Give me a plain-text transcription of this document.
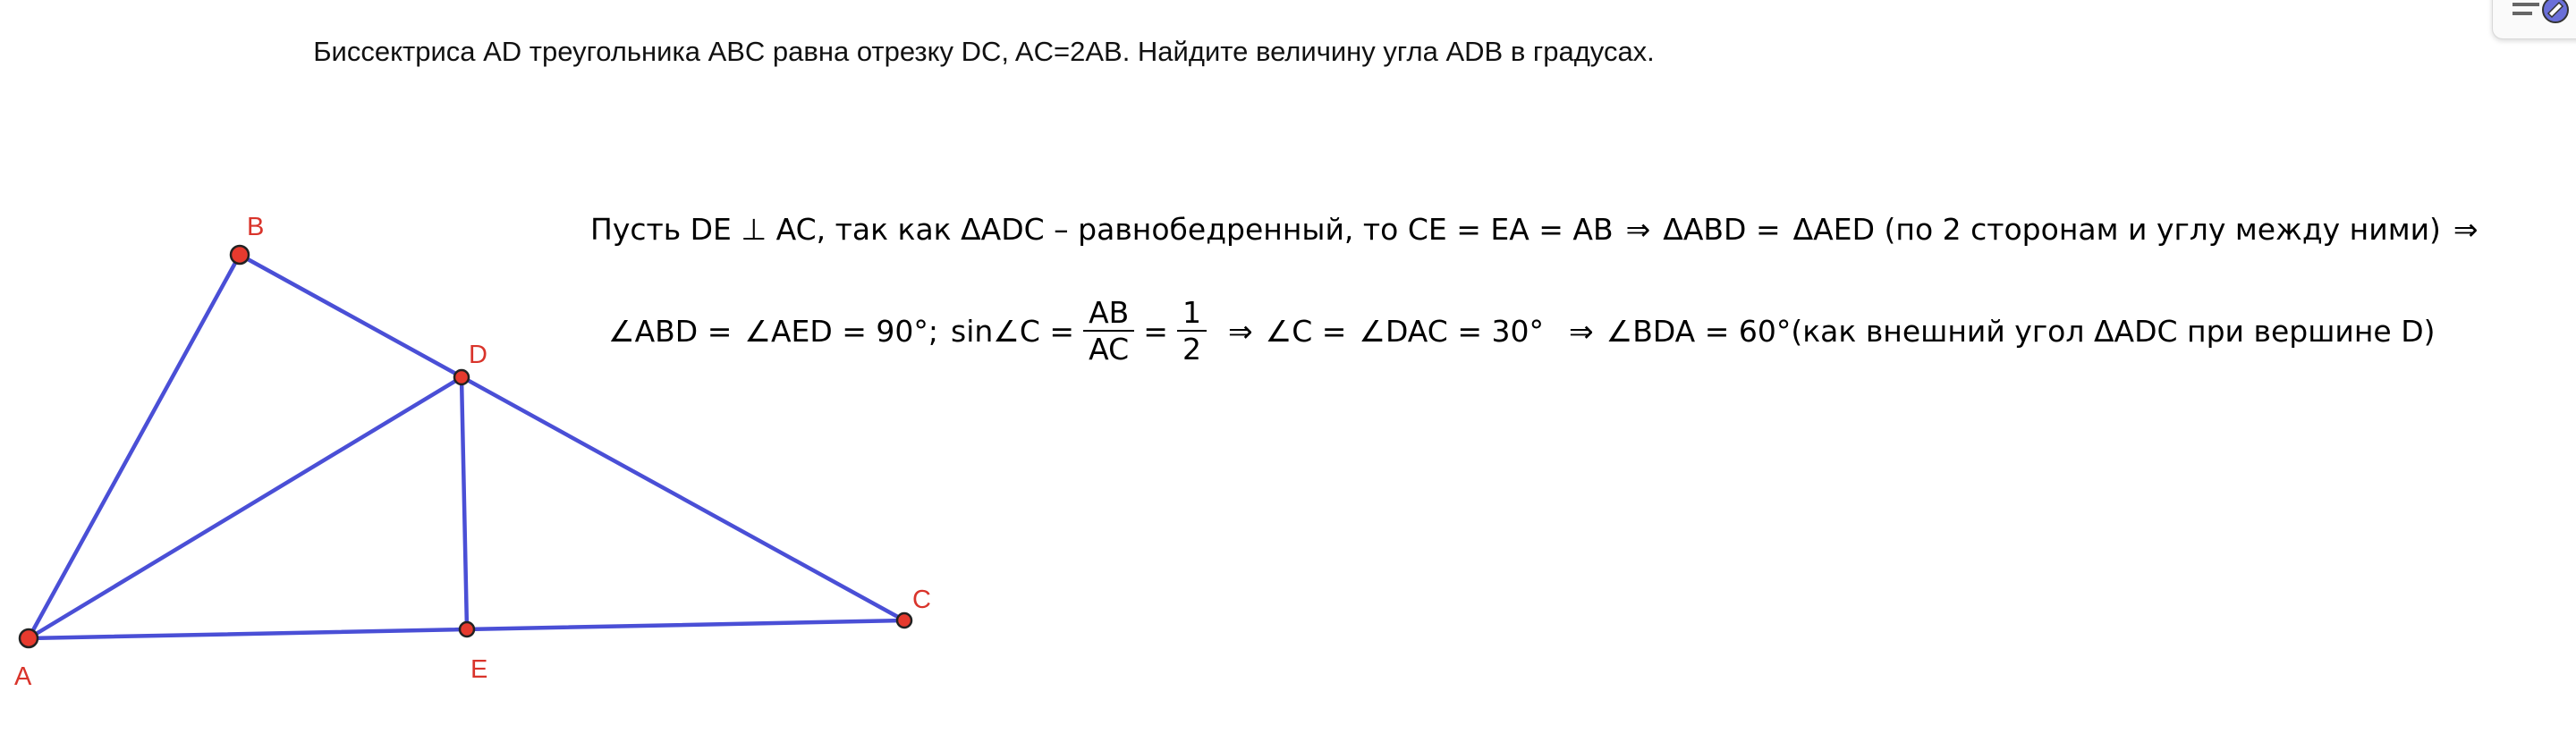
Биссектриса AD треугольника ABC равна отрезку DC, AC=2AB. Найдите величину угла ADB в градусах.
A
B
C
D
E
Пусть DE ⊥ AC, так как ΔADC – равнобедренный, то CE = EA = AB ⇒ ΔABD = ΔAED (по 2 сторонам и углу между ними) ⇒
∠ABD = ∠AED = 90°; sin∠C = $\frac{AB}{AC} = \frac{1}{2}$ ⇒ ∠C = ∠DAC = 30° ⇒ ∠BDA = 60°(как внешний угол ΔADC при вершине D)
